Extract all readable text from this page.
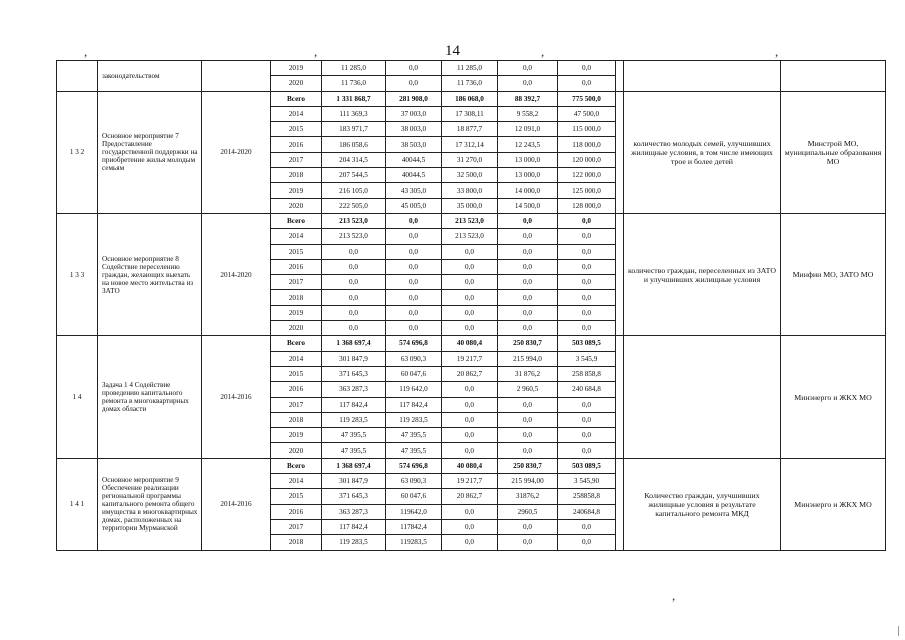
14
,	,	,	,
,
	законодательством		2019	11 285,0	0,0	11 285,0	0,0	0,0			
			2020	11 736,0	0,0	11 736,0	0,0	0,0			
1 3 2	Основное мероприятие 7 Предоставление государственной поддержки на приобретение жилья молодым семьям	2014-2020	Всего	1 331 868,7	281 908,0	186 068,0	88 392,7	775 500,0		количество молодых семей, улучшивших жилищные условия, в том числе имеющих трое и более детей	Минстрой МО, муниципальные образования МО
			2014	111 369,3	37 003,0	17 308,11	9 558,2	47 500,0			
			2015	183 971,7	38 003,0	18 877,7	12 091,0	115 000,0			
			2016	186 058,6	38 503,0	17 312,14	12 243,5	118 000,0			
			2017	204 314,5	40044,5	31 270,0	13 000,0	120 000,0			
			2018	207 544,5	40044,5	32 500,0	13 000,0	122 000,0			
			2019	216 105,0	43 305,0	33 800,0	14 000,0	125 000,0			
			2020	222 505,0	45 005,0	35 000,0	14 500,0	128 000,0			
1 3 3	Основное мероприятие 8 Содействие переселению граждан, желающих выехать на новое место жительства из ЗАТО	2014-2020	Всего	213 523,0	0,0	213 523,0	0,0	0,0		количество граждан, переселенных из ЗАТО и улучшивших жилищные условия	Минфин МО, ЗАТО МО
			2014	213 523,0	0,0	213 523,0	0,0	0,0			
			2015	0,0	0,0	0,0	0,0	0,0			
			2016	0,0	0,0	0,0	0,0	0,0			
			2017	0,0	0,0	0,0	0,0	0,0			
			2018	0,0	0,0	0,0	0,0	0,0			
			2019	0,0	0,0	0,0	0,0	0,0			
			2020	0,0	0,0	0,0	0,0	0,0			
1 4	Задача 1 4 Содействие проведению капитального ремонта в многоквартирных домах области	2014-2016	Всего	1 368 697,4	574 696,8	40 080,4	250 830,7	503 089,5			Минэнерго и ЖКХ МО
			2014	301 847,9	63 090,3	19 217,7	215 994,0	3 545,9			
			2015	371 645,3	60 047,6	20 862,7	31 876,2	258 858,8			
			2016	363 287,3	119 642,0	0,0	2 960,5	240 684,8			
			2017	117 842,4	117 842,4	0,0	0,0	0,0			
			2018	119 283,5	119 283,5	0,0	0,0	0,0			
			2019	47 395,5	47 395,5	0,0	0,0	0,0			
			2020	47 395,5	47 395,5	0,0	0,0	0,0			
1 4 1	Основное мероприятие 9 Обеспечение реализации региональной программы капитального ремонта общего имущества в многоквартирных домах, расположенных на территории Мурманской	2014-2016	Всего	1 368 697,4	574 696,8	40 080,4	250 830,7	503 089,5		Количество граждан, улучшивших жилищные условия в результате капитального ремонта МКД	Минэнерго и ЖКХ МО
			2014	301 847,9	63 090,3	19 217,7	215 994,00	3 545,90			
			2015	371 645,3	60 047,6	20 862,7	31876,2	258858,8			
			2016	363 287,3	119642,0	0,0	2960,5	240684,8			
			2017	117 842,4	117842,4	0,0	0,0	0,0			
			2018	119 283,5	119283,5	0,0	0,0	0,0			
